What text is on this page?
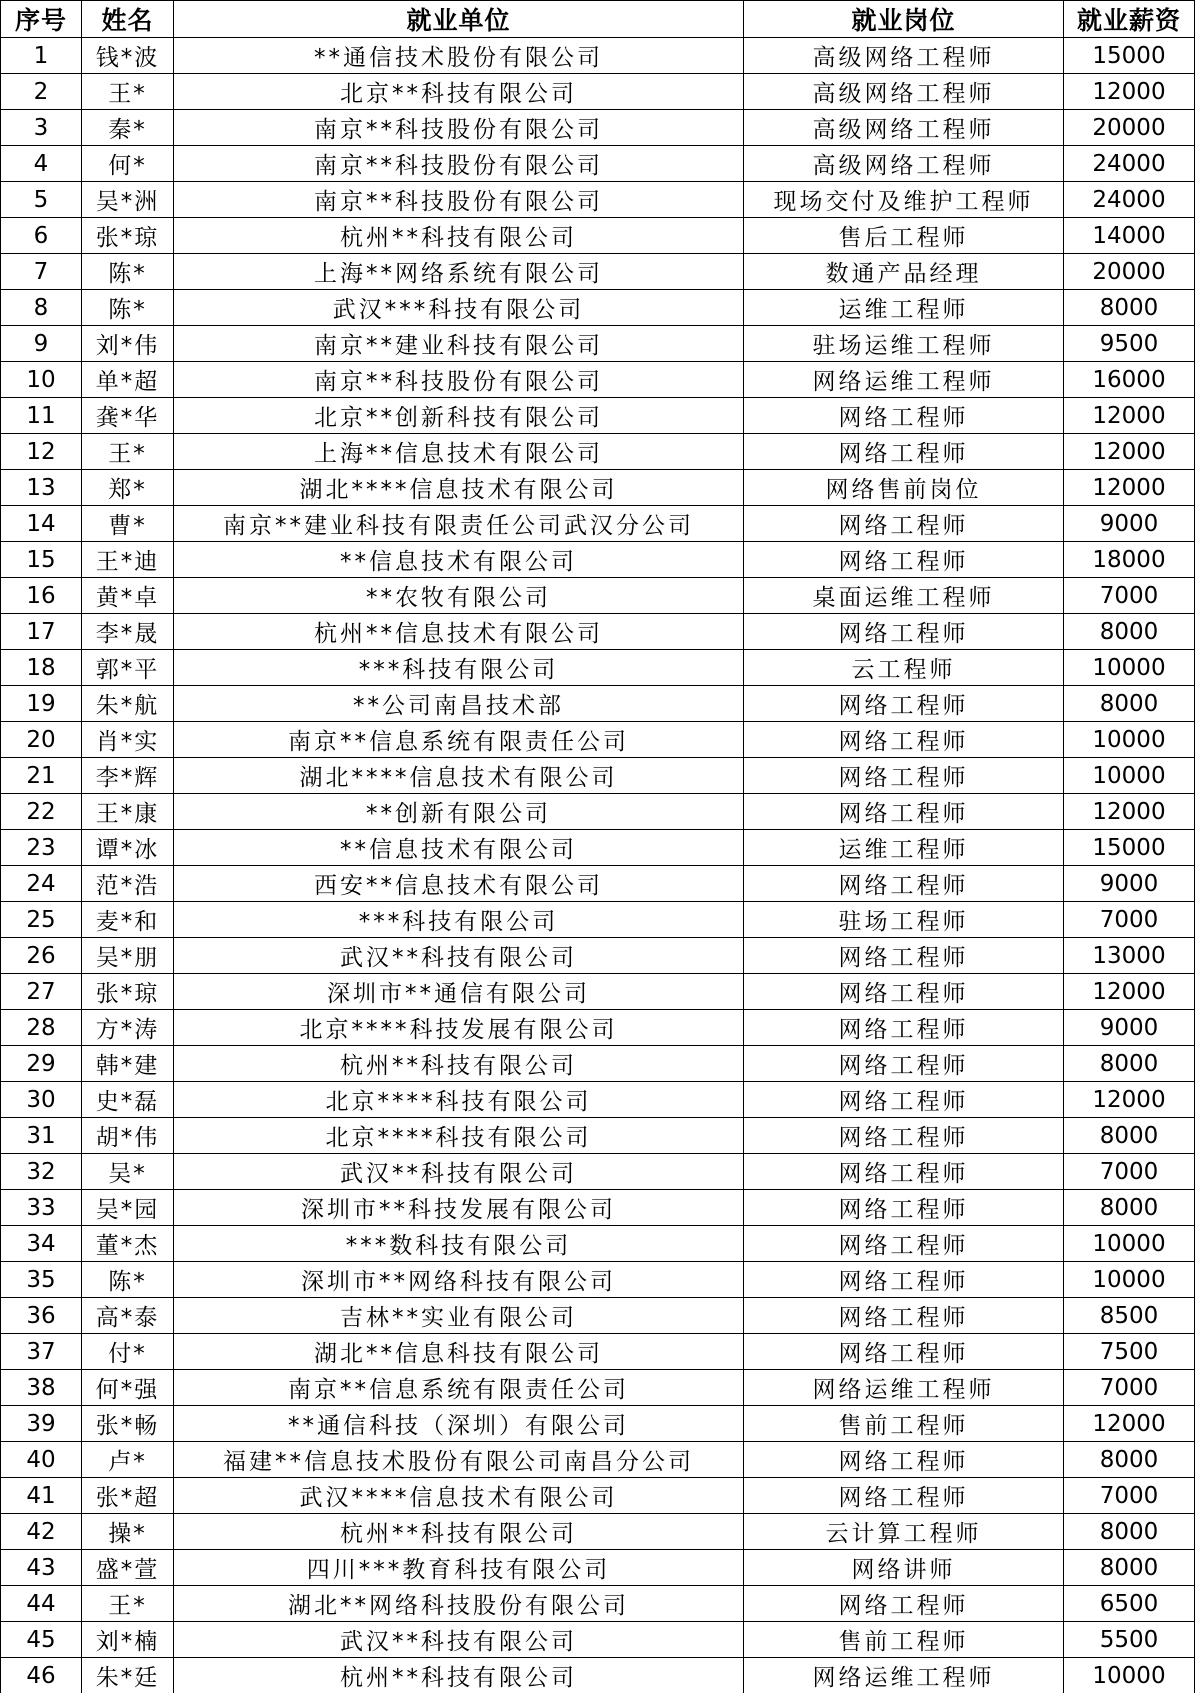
序号	姓名	就业单位	就业岗位	就业薪资
1	钱*波	**通信技术股份有限公司	高级网络工程师	15000
2	王*	北京**科技有限公司	高级网络工程师	12000
3	秦*	南京**科技股份有限公司	高级网络工程师	20000
4	何*	南京**科技股份有限公司	高级网络工程师	24000
5	吴*洲	南京**科技股份有限公司	现场交付及维护工程师	24000
6	张*琼	杭州**科技有限公司	售后工程师	14000
7	陈*	上海**网络系统有限公司	数通产品经理	20000
8	陈*	武汉***科技有限公司	运维工程师	8000
9	刘*伟	南京**建业科技有限公司	驻场运维工程师	9500
10	单*超	南京**科技股份有限公司	网络运维工程师	16000
11	龚*华	北京**创新科技有限公司	网络工程师	12000
12	王*	上海**信息技术有限公司	网络工程师	12000
13	郑*	湖北****信息技术有限公司	网络售前岗位	12000
14	曹*	南京**建业科技有限责任公司武汉分公司	网络工程师	9000
15	王*迪	**信息技术有限公司	网络工程师	18000
16	黄*卓	**农牧有限公司	桌面运维工程师	7000
17	李*晟	杭州**信息技术有限公司	网络工程师	8000
18	郭*平	***科技有限公司	云工程师	10000
19	朱*航	**公司南昌技术部	网络工程师	8000
20	肖*实	南京**信息系统有限责任公司	网络工程师	10000
21	李*辉	湖北****信息技术有限公司	网络工程师	10000
22	王*康	**创新有限公司	网络工程师	12000
23	谭*冰	**信息技术有限公司	运维工程师	15000
24	范*浩	西安**信息技术有限公司	网络工程师	9000
25	麦*和	***科技有限公司	驻场工程师	7000
26	吴*朋	武汉**科技有限公司	网络工程师	13000
27	张*琼	深圳市**通信有限公司	网络工程师	12000
28	方*涛	北京****科技发展有限公司	网络工程师	9000
29	韩*建	杭州**科技有限公司	网络工程师	8000
30	史*磊	北京****科技有限公司	网络工程师	12000
31	胡*伟	北京****科技有限公司	网络工程师	8000
32	吴*	武汉**科技有限公司	网络工程师	7000
33	吴*园	深圳市**科技发展有限公司	网络工程师	8000
34	董*杰	***数科技有限公司	网络工程师	10000
35	陈*	深圳市**网络科技有限公司	网络工程师	10000
36	高*泰	吉林**实业有限公司	网络工程师	8500
37	付*	湖北**信息科技有限公司	网络工程师	7500
38	何*强	南京**信息系统有限责任公司	网络运维工程师	7000
39	张*畅	**通信科技（深圳）有限公司	售前工程师	12000
40	卢*	福建**信息技术股份有限公司南昌分公司	网络工程师	8000
41	张*超	武汉****信息技术有限公司	网络工程师	7000
42	操*	杭州**科技有限公司	云计算工程师	8000
43	盛*萱	四川***教育科技有限公司	网络讲师	8000
44	王*	湖北**网络科技股份有限公司	网络工程师	6500
45	刘*楠	武汉**科技有限公司	售前工程师	5500
46	朱*廷	杭州**科技有限公司	网络运维工程师	10000
